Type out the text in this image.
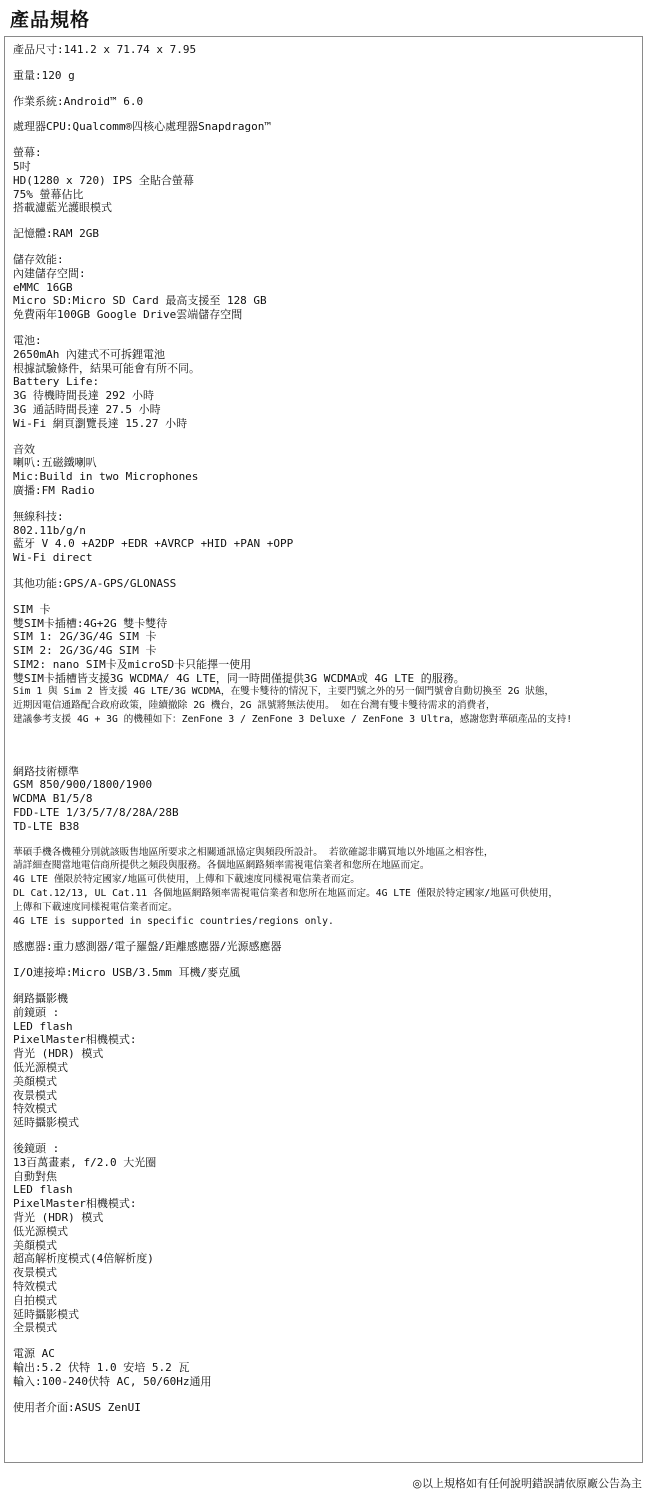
產品規格
產品尺寸:141.2 x 71.74 x 7.95
重量:120 g
作業系統:Android™ 6.0
處理器CPU:Qualcomm®四核心處理器Snapdragon™
螢幕:
5吋
HD(1280 x 720) IPS 全貼合螢幕
75% 螢幕佔比
搭載濾藍光護眼模式
記憶體:RAM 2GB
儲存效能:
內建儲存空間:
eMMC 16GB
Micro SD:Micro SD Card 最高支援至 128 GB
免費兩年100GB Google Drive雲端儲存空間
電池:
2650mAh 內建式不可拆鋰電池
根據試驗條件，結果可能會有所不同。
Battery Life:
3G 待機時間長達 292 小時
3G 通話時間長達 27.5 小時
Wi-Fi 網頁瀏覽長達 15.27 小時
音效
喇叭:五磁鐵喇叭
Mic:Build in two Microphones
廣播:FM Radio
無線科技:
802.11b/g/n
藍牙 V 4.0 +A2DP +EDR +AVRCP +HID +PAN +OPP
Wi-Fi direct
其他功能:GPS/A-GPS/GLONASS
SIM 卡
雙SIM卡插槽:4G+2G 雙卡雙待
SIM 1: 2G/3G/4G SIM 卡
SIM 2: 2G/3G/4G SIM 卡
SIM2: nano SIM卡及microSD卡只能擇一使用
雙SIM卡插槽皆支援3G WCDMA/ 4G LTE，同一時間僅提供3G WCDMA或 4G LTE 的服務。
Sim 1 與 Sim 2 皆支援 4G LTE/3G WCDMA，在雙卡雙待的情況下，主要門號之外的另一個門號會自動切換至 2G 狀態，
近期因電信通路配合政府政策，陸續撤除 2G 機台，2G 訊號將無法使用。 如在台灣有雙卡雙待需求的消費者，
建議參考支援 4G + 3G 的機種如下：ZenFone 3 / ZenFone 3 Deluxe / ZenFone 3 Ultra，感謝您對華碩產品的支持!

網路技術標準
GSM 850/900/1800/1900
WCDMA B1/5/8
FDD-LTE 1/3/5/7/8/28A/28B
TD-LTE B38
華碩手機各機種分別就該販售地區所要求之相關通訊協定與頻段所設計。 若欲確認非購買地以外地區之相容性，
請詳細查閱當地電信商所提供之頻段與服務。各個地區網路頻率需視電信業者和您所在地區而定。
4G LTE 僅限於特定國家/地區可供使用，上傳和下載速度同樣視電信業者而定。
DL Cat.12/13, UL Cat.11 各個地區網路頻率需視電信業者和您所在地區而定。4G LTE 僅限於特定國家/地區可供使用，
上傳和下載速度同樣視電信業者而定。
4G LTE is supported in specific countries/regions only.
感應器:重力感測器/電子羅盤/距離感應器/光源感應器
I/O連接埠:Micro USB/3.5mm 耳機/麥克風
網路攝影機
前鏡頭 :
LED flash
PixelMaster相機模式:
背光 (HDR) 模式
低光源模式
美顏模式
夜景模式
特效模式
延時攝影模式
後鏡頭 :
13百萬畫素, f/2.0 大光圈
自動對焦
LED flash
PixelMaster相機模式:
背光 (HDR) 模式
低光源模式
美顏模式
超高解析度模式(4倍解析度)
夜景模式
特效模式
自拍模式
延時攝影模式
全景模式
電源 AC
輸出:5.2 伏特 1.0 安培 5.2 瓦
輸入:100-240伏特 AC, 50/60Hz通用
使用者介面:ASUS ZenUI
◎以上規格如有任何說明錯誤請依原廠公告為主
